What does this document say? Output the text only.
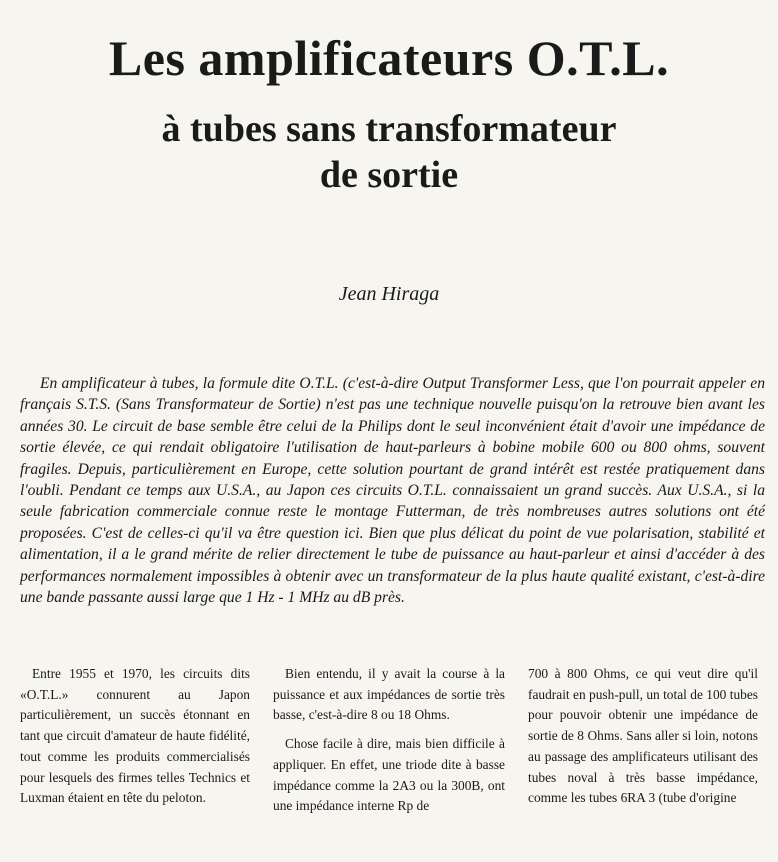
Les amplificateurs O.T.L.
à tubes sans transformateur
de sortie

Jean Hiraga

En amplificateur à tubes, la formule dite O.T.L. (c'est-à-dire Output Transformer Less, que l'on pourrait appeler en français S.T.S. (Sans Transformateur de Sortie) n'est pas une technique nouvelle puisqu'on la retrouve bien avant les années 30. Le circuit de base semble être celui de la Philips dont le seul inconvénient était d'avoir une impédance de sortie élevée, ce qui rendait obligatoire l'utilisation de haut-parleurs à bobine mobile 600 ou 800 ohms, souvent fragiles. Depuis, particulièrement en Europe, cette solution pourtant de grand intérêt est restée pratiquement dans l'oubli. Pendant ce temps aux U.S.A., au Japon ces circuits O.T.L. connaissaient un grand succès. Aux U.S.A., si la seule fabrication commerciale connue reste le montage Futterman, de très nombreuses autres solutions ont été proposées. C'est de celles-ci qu'il va être question ici. Bien que plus délicat du point de vue polarisation, stabilité et alimentation, il a le grand mérite de relier directement le tube de puissance au haut-parleur et ainsi d'accéder à des performances normalement impossibles à obtenir avec un transformateur de la plus haute qualité existant, c'est-à-dire une bande passante aussi large que 1 Hz - 1 MHz au dB près.

Entre 1955 et 1970, les circuits dits «O.T.L.» connurent au Japon particulièrement, un succès étonnant en tant que circuit d'amateur de haute fidélité, tout comme les produits commercialisés pour lesquels des firmes telles Technics et Luxman étaient en tête du peloton.

Bien entendu, il y avait la course à la puissance et aux impédances de sortie très basse, c'est-à-dire 8 ou 18 Ohms.

Chose facile à dire, mais bien difficile à appliquer. En effet, une triode dite à basse impédance comme la 2A3 ou la 300B, ont une impédance interne Rp de

700 à 800 Ohms, ce qui veut dire qu'il faudrait en push-pull, un total de 100 tubes pour pouvoir obtenir une impédance de sortie de 8 Ohms. Sans aller si loin, notons au passage des amplificateurs utilisant des tubes noval à très basse impédance, comme les tubes 6RA 3 (tube d'origine
